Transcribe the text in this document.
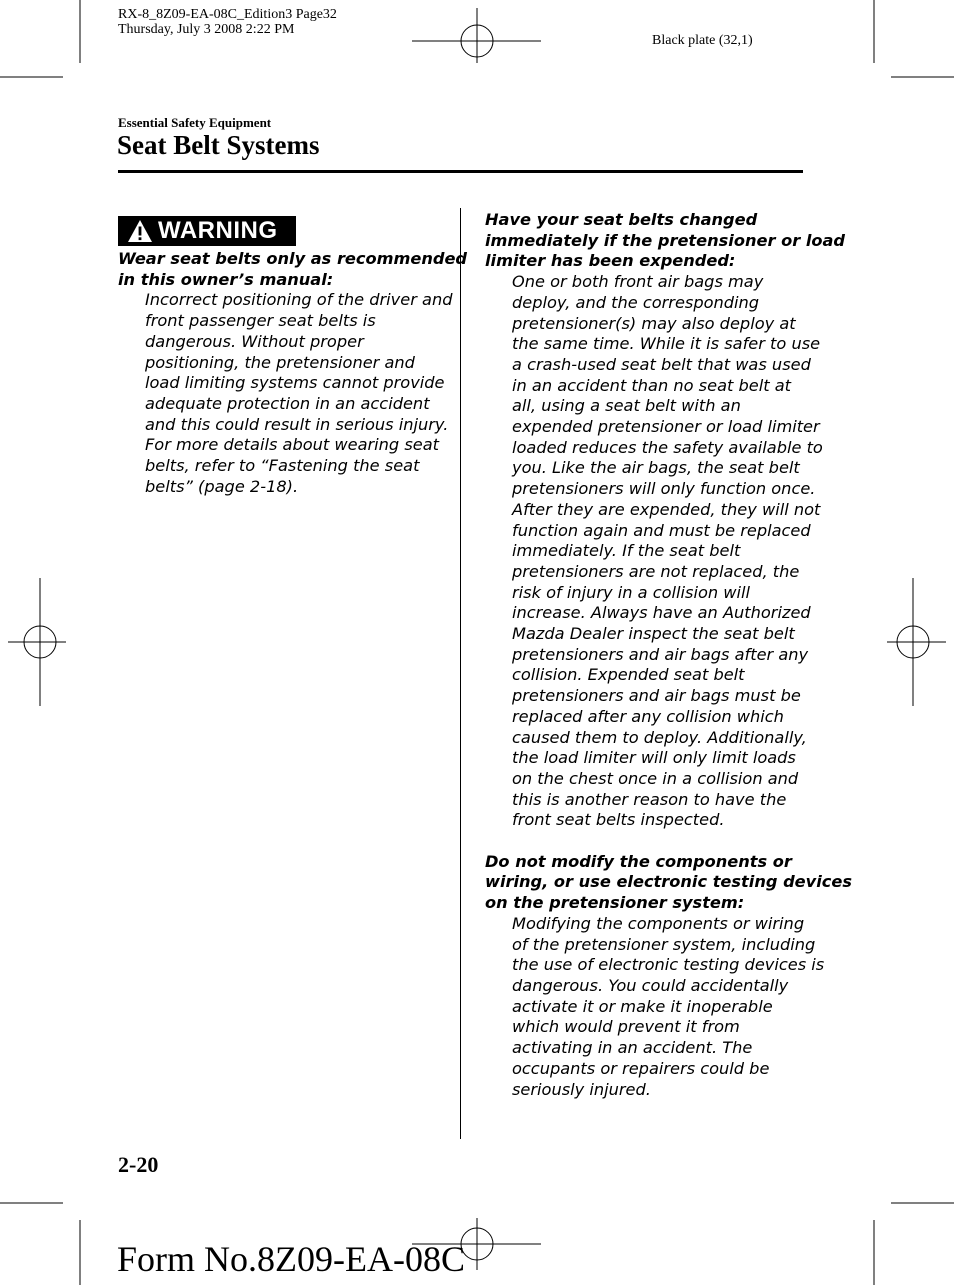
RX-8_8Z09-EA-08C_Edition3 Page32
Thursday, July 3 2008 2:22 PM
Black plate (32,1)
Essential Safety Equipment
Seat Belt Systems
WARNING

Wear seat belts only as recommended

in this owner’s manual:

Incorrect positioning of the driver and

front passenger seat belts is

dangerous. Without proper

positioning, the pretensioner and

load limiting systems cannot provide

adequate protection in an accident

and this could result in serious injury.

For more details about wearing seat

belts, refer to “Fastening the seat

belts” (page 2-18).

Have your seat belts changed

immediately if the pretensioner or load

limiter has been expended:

One or both front air bags may

deploy, and the corresponding

pretensioner(s) may also deploy at

the same time. While it is safer to use

a crash-used seat belt that was used

in an accident than no seat belt at

all, using a seat belt with an

expended pretensioner or load limiter

loaded reduces the safety available to

you. Like the air bags, the seat belt

pretensioners will only function once.

After they are expended, they will not

function again and must be replaced

immediately. If the seat belt

pretensioners are not replaced, the

risk of injury in a collision will

increase. Always have an Authorized

Mazda Dealer inspect the seat belt

pretensioners and air bags after any

collision. Expended seat belt

pretensioners and air bags must be

replaced after any collision which

caused them to deploy. Additionally,

the load limiter will only limit loads

on the chest once in a collision and

this is another reason to have the

front seat belts inspected.

Do not modify the components or

wiring, or use electronic testing devices

on the pretensioner system:

Modifying the components or wiring

of the pretensioner system, including

the use of electronic testing devices is

dangerous. You could accidentally

activate it or make it inoperable

which would prevent it from

activating in an accident. The

occupants or repairers could be

seriously injured.

2-20
Form No.8Z09-EA-08C
